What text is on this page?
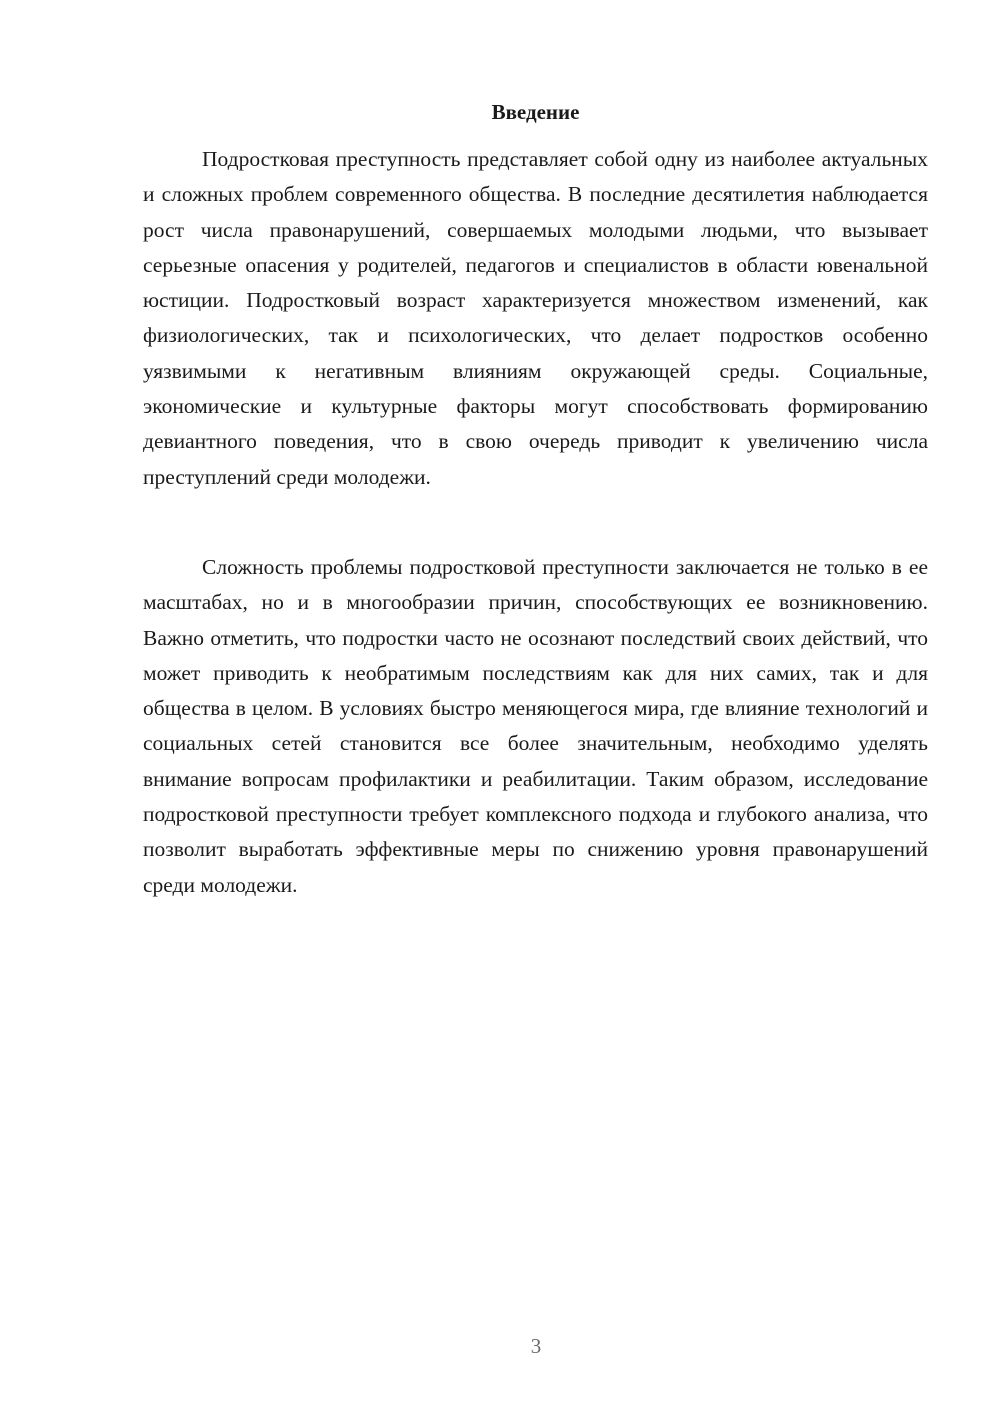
Введение

Подростковая преступность представляет собой одну из наиболее актуальных и сложных проблем современного общества. В последние десятилетия наблюдается рост числа правонарушений, совершаемых молодыми людьми, что вызывает серьезные опасения у родителей, педагогов и специалистов в области ювенальной юстиции. Подростковый возраст характеризуется множеством изменений, как физиологических, так и психологических, что делает подростков особенно уязвимыми к негативным влияниям окружающей среды. Социальные, экономические и культурные факторы могут способствовать формированию девиантного поведения, что в свою очередь приводит к увеличению числа преступлений среди молодежи.

Сложность проблемы подростковой преступности заключается не только в ее масштабах, но и в многообразии причин, способствующих ее возникновению. Важно отметить, что подростки часто не осознают последствий своих действий, что может приводить к необратимым последствиям как для них самих, так и для общества в целом. В условиях быстро меняющегося мира, где влияние технологий и социальных сетей становится все более значительным, необходимо уделять внимание вопросам профилактики и реабилитации. Таким образом, исследование подростковой преступности требует комплексного подхода и глубокого анализа, что позволит выработать эффективные меры по снижению уровня правонарушений среди молодежи.

3
